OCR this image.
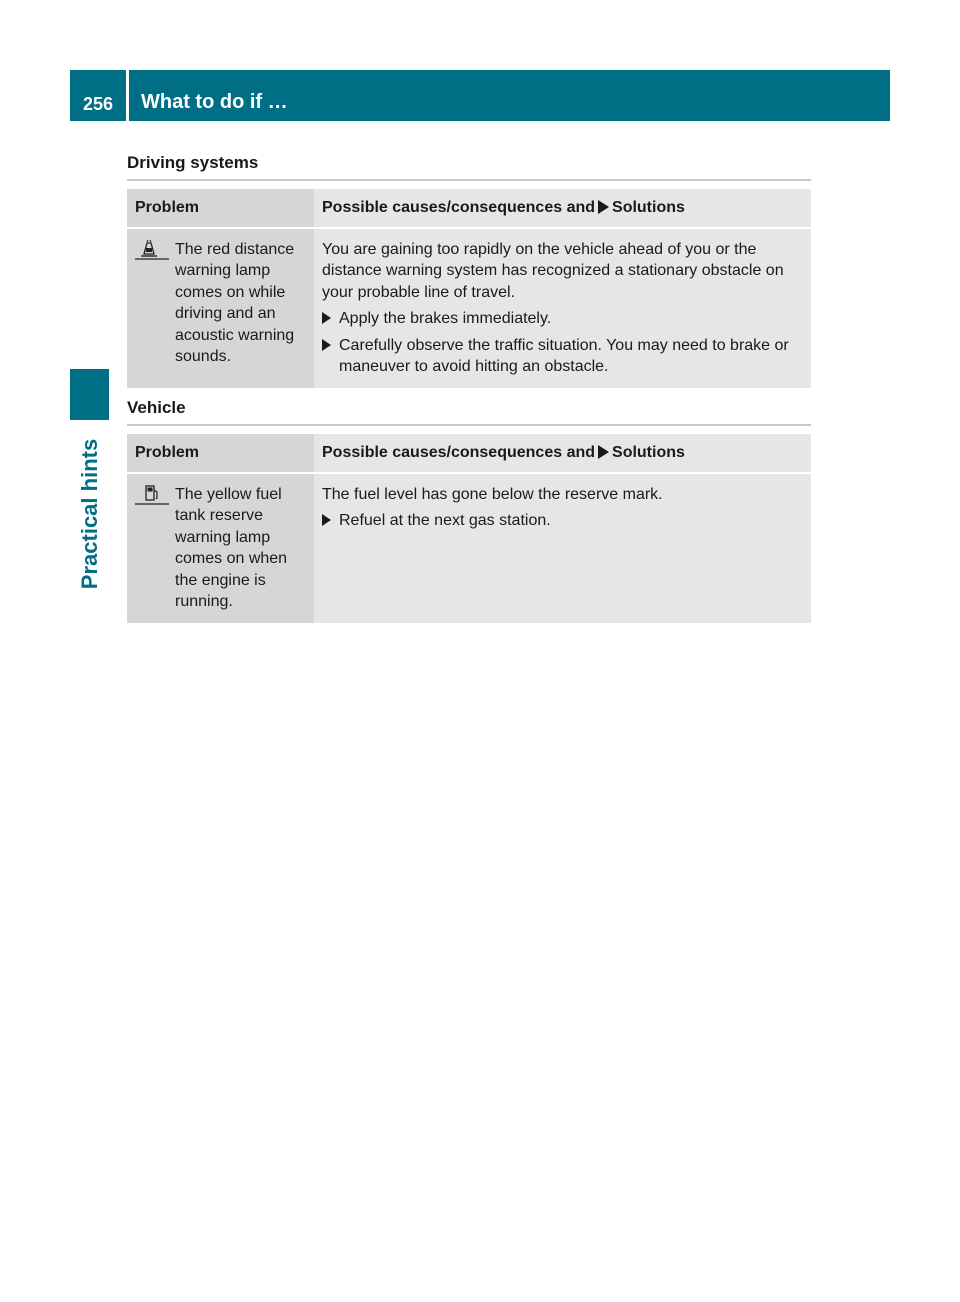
256	What to do if …
Practical hints
Driving systems
Problem	Possible causes/consequences and Solutions

The red distance warning lamp comes on while driving and an acoustic warning sounds.	You are gaining too rapidly on the vehicle ahead of you or the distance warning system has recognized a stationary obstacle on your probable line of travel.

Apply the brakes immediately.
Carefully observe the traffic situation. You may need to brake or maneuver to avoid hitting an obstacle.
Vehicle
Problem	Possible causes/consequences and Solutions

The yellow fuel tank reserve warning lamp comes on when the engine is running.	The fuel level has gone below the reserve mark.

Refuel at the next gas station.
